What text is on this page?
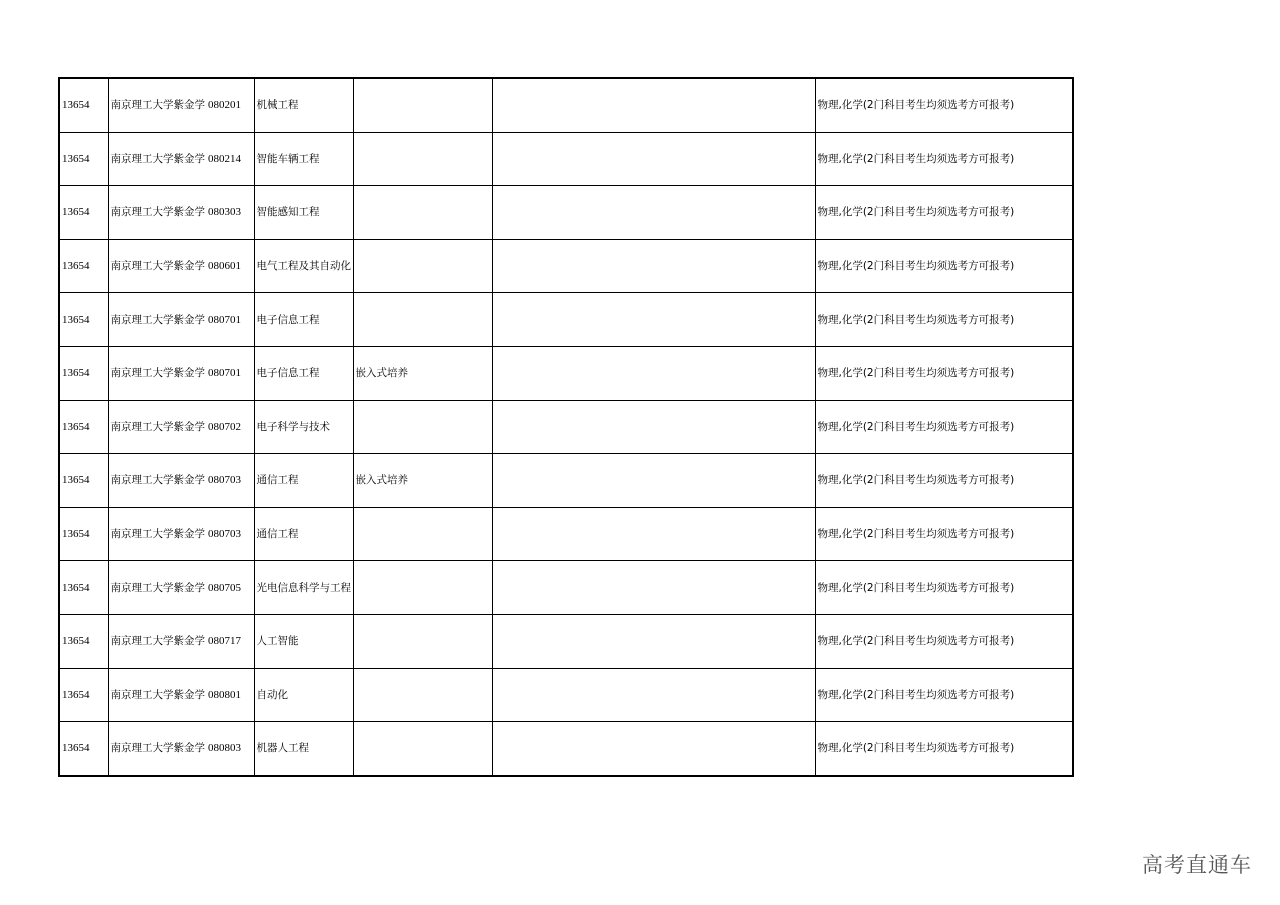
13654	南京理工大学紫金学	080201	机械工程			物理,化学(2门科目考生均须选考方可报考)
13654	南京理工大学紫金学	080214	智能车辆工程			物理,化学(2门科目考生均须选考方可报考)
13654	南京理工大学紫金学	080303	智能感知工程			物理,化学(2门科目考生均须选考方可报考)
13654	南京理工大学紫金学	080601	电气工程及其自动化			物理,化学(2门科目考生均须选考方可报考)
13654	南京理工大学紫金学	080701	电子信息工程			物理,化学(2门科目考生均须选考方可报考)
13654	南京理工大学紫金学	080701	电子信息工程	嵌入式培养		物理,化学(2门科目考生均须选考方可报考)
13654	南京理工大学紫金学	080702	电子科学与技术			物理,化学(2门科目考生均须选考方可报考)
13654	南京理工大学紫金学	080703	通信工程	嵌入式培养		物理,化学(2门科目考生均须选考方可报考)
13654	南京理工大学紫金学	080703	通信工程			物理,化学(2门科目考生均须选考方可报考)
13654	南京理工大学紫金学	080705	光电信息科学与工程			物理,化学(2门科目考生均须选考方可报考)
13654	南京理工大学紫金学	080717	人工智能			物理,化学(2门科目考生均须选考方可报考)
13654	南京理工大学紫金学	080801	自动化			物理,化学(2门科目考生均须选考方可报考)
13654	南京理工大学紫金学	080803	机器人工程			物理,化学(2门科目考生均须选考方可报考)
高考直通车
